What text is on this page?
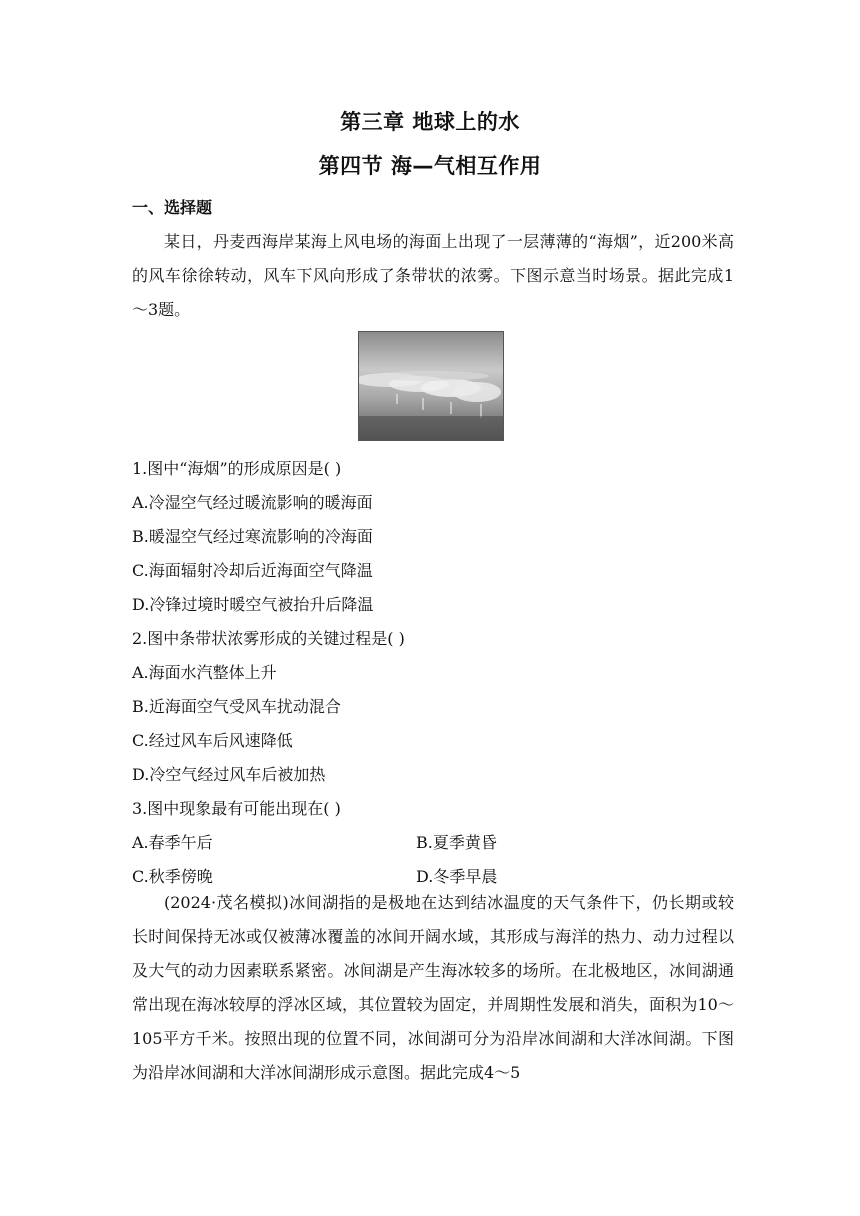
第三章 地球上的水
第四节 海—气相互作用
一、选择题
某日，丹麦西海岸某海上风电场的海面上出现了一层薄薄的“海烟”，近200米高的风车徐徐转动，风车下风向形成了条带状的浓雾。下图示意当时场景。据此完成1～3题。
1.图中“海烟”的形成原因是( )
A.冷湿空气经过暖流影响的暖海面
B.暖湿空气经过寒流影响的冷海面
C.海面辐射冷却后近海面空气降温
D.冷锋过境时暖空气被抬升后降温
2.图中条带状浓雾形成的关键过程是( )
A.海面水汽整体上升
B.近海面空气受风车扰动混合
C.经过风车后风速降低
D.冷空气经过风车后被加热
3.图中现象最有可能出现在( )
A.春季午后	B.夏季黄昏
C.秋季傍晚	D.冬季早晨
(2024·茂名模拟)冰间湖指的是极地在达到结冰温度的天气条件下，仍长期或较长时间保持无冰或仅被薄冰覆盖的冰间开阔水域，其形成与海洋的热力、动力过程以及大气的动力因素联系紧密。冰间湖是产生海冰较多的场所。在北极地区，冰间湖通常出现在海冰较厚的浮冰区域，其位置较为固定，并周期性发展和消失，面积为10～105平方千米。按照出现的位置不同，冰间湖可分为沿岸冰间湖和大洋冰间湖。下图为沿岸冰间湖和大洋冰间湖形成示意图。据此完成4～5
